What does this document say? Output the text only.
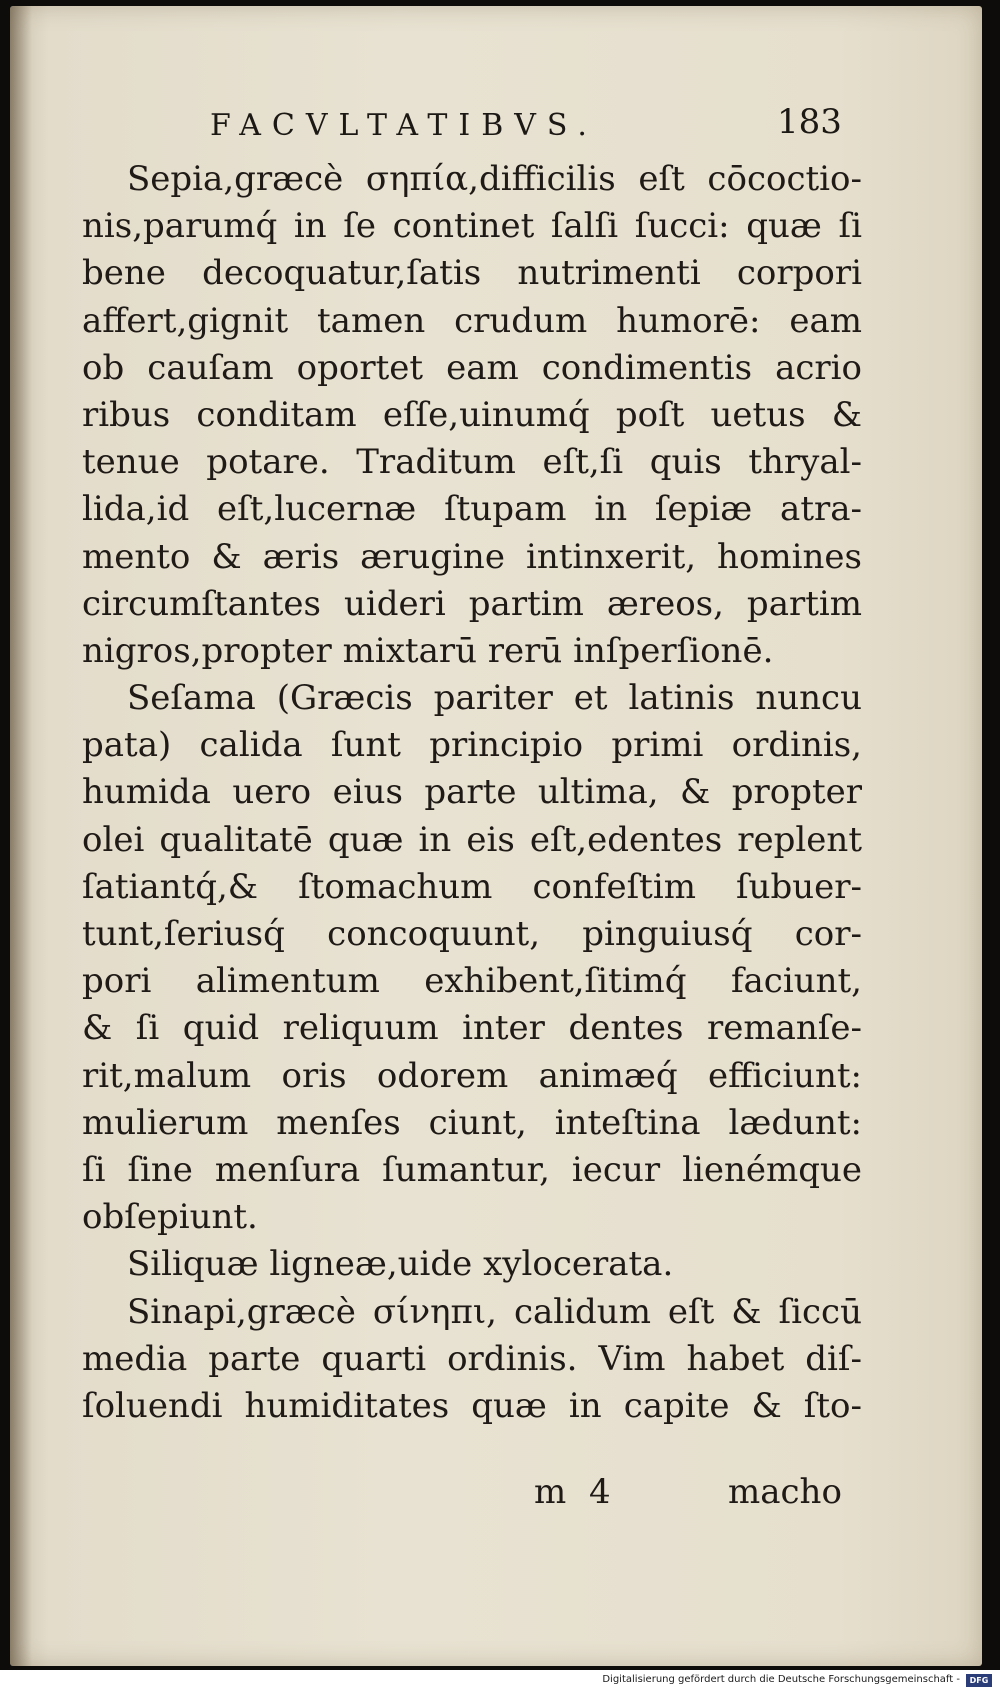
FACVLTATIBVS.	183
Sepia,græcè σηπία,difficilis eſt cōcoctio-
nis,parumq́ in ſe continet ſalſi ſucci: quæ ſi
bene decoquatur,ſatis nutrimenti corpori
affert,gignit tamen crudum humorē: eam
ob cauſam oportet eam condimentis acrio
ribus conditam eſſe,uinumq́ poſt uetus &
tenue potare. Traditum eſt,ſi quis thryal-
lida,id eſt,lucernæ ſtupam in ſepiæ atra-
mento & æris ærugine intinxerit, homines
circumſtantes uideri partim æreos, partim
nigros,propter mixtarū rerū inſperſionē.
Seſama (Græcis pariter et latinis nuncu
pata) calida ſunt principio primi ordinis,
humida uero eius parte ultima, & propter
olei qualitatē quæ in eis eſt,edentes replent
ſatiantq́,& ſtomachum confeſtim ſubuer-
tunt,ſeriusq́ concoquunt, pinguiusq́ cor-
pori alimentum exhibent,ſitimq́ faciunt,
& ſi quid reliquum inter dentes remanſe-
rit,malum oris odorem animæq́ efficiunt:
mulierum menſes ciunt, inteſtina lædunt:
ſi ſine menſura ſumantur, iecur lienémque
obſepiunt.
Siliquæ ligneæ,uide xylocerata.
Sinapi,græcè σίνηπι, calidum eſt & ſiccū
media parte quarti ordinis. Vim habet diſ-
ſoluendi humiditates quæ in capite & ſto-
m 4	macho
Digitalisierung gefördert durch die Deutsche Forschungsgemeinschaft -	DFG
